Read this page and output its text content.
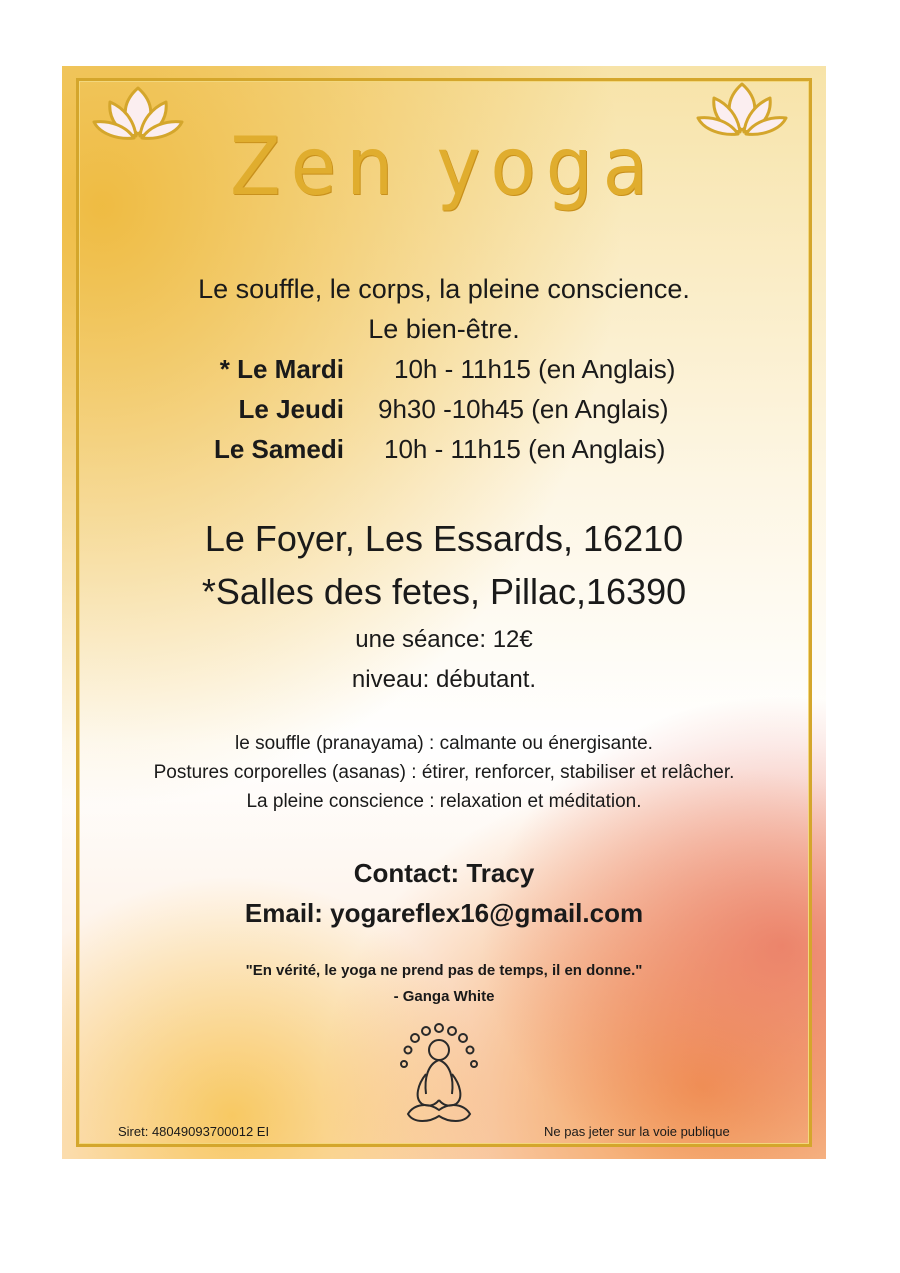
Zen yoga
Le souffle, le corps, la pleine conscience.
Le bien-être.
* Le Mardi 10h - 11h15 (en Anglais)
Le Jeudi 9h30 -10h45 (en Anglais)
Le Samedi 10h - 11h15 (en Anglais)
Le Foyer, Les Essards, 16210
*Salles des fetes, Pillac,16390
une séance: 12€
niveau: débutant.
le souffle (pranayama) : calmante ou énergisante.
Postures corporelles (asanas) : étirer, renforcer, stabiliser et relâcher.
La pleine conscience : relaxation et méditation.
Contact: Tracy
Email: yogareflex16@gmail.com
"En vérité, le yoga ne prend pas de temps, il en donne."
- Ganga White
Siret: 48049093700012 EI	Ne pas jeter sur la voie publique
